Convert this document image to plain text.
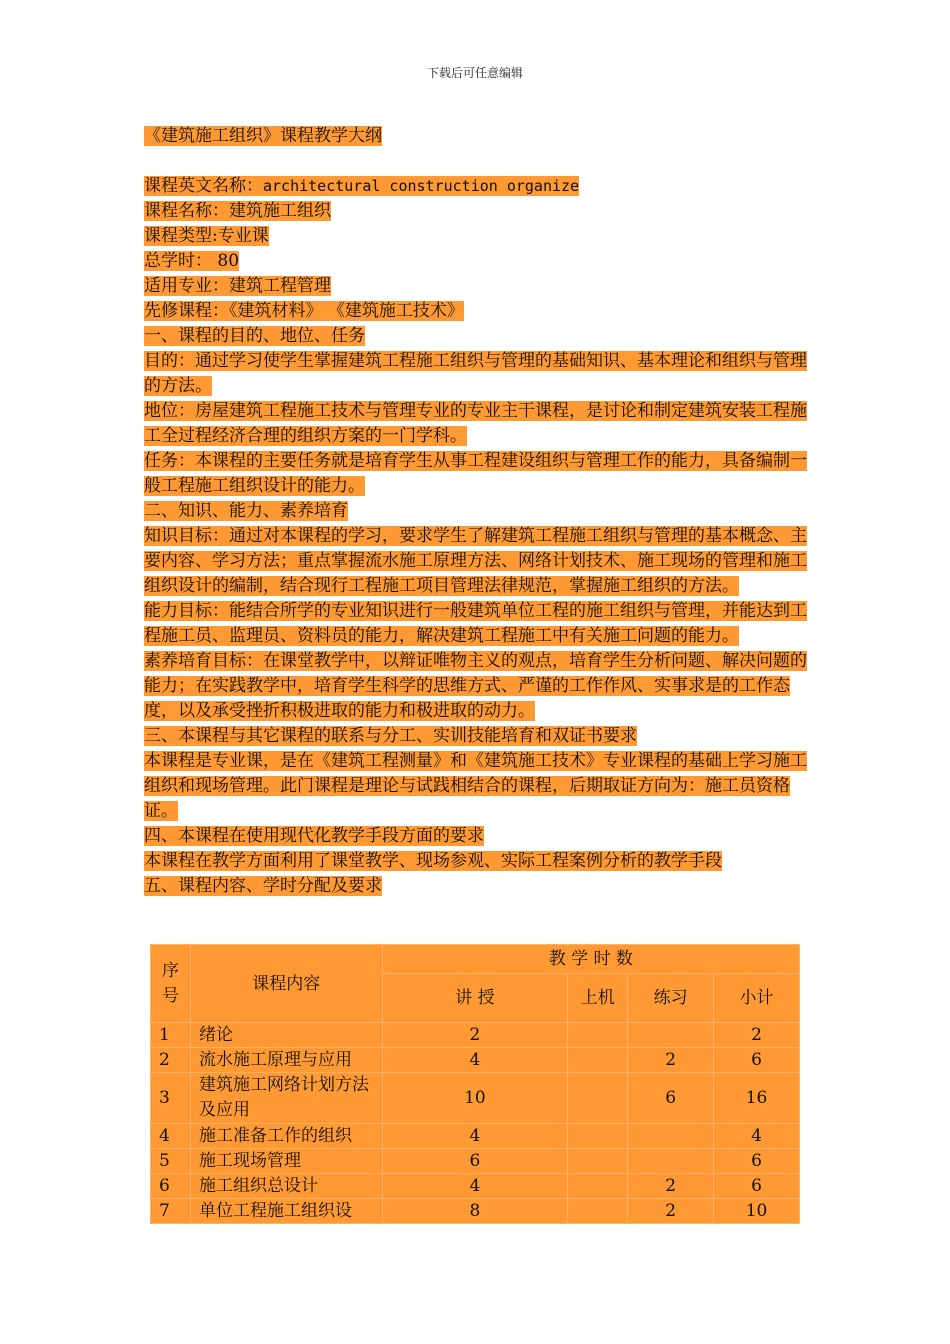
下载后可任意编辑
《建筑施工组织》课程教学大纲
课程英文名称：architectural construction organize
课程名称：建筑施工组织
课程类型:专业课
总学时： 80
适用专业：建筑工程管理
先修课程：《建筑材料》 《建筑施工技术》
一、课程的目的、地位、任务
目的：通过学习使学生掌握建筑工程施工组织与管理的基础知识、基本理论和组织与管理的方法。
地位：房屋建筑工程施工技术与管理专业的专业主干课程，是讨论和制定建筑安装工程施工全过程经济合理的组织方案的一门学科。
任务：本课程的主要任务就是培育学生从事工程建设组织与管理工作的能力，具备编制一般工程施工组织设计的能力。
二、知识、能力、素养培育
知识目标：通过对本课程的学习，要求学生了解建筑工程施工组织与管理的基本概念、主要内容、学习方法；重点掌握流水施工原理方法、网络计划技术、施工现场的管理和施工组织设计的编制，结合现行工程施工项目管理法律规范，掌握施工组织的方法。
能力目标：能结合所学的专业知识进行一般建筑单位工程的施工组织与管理，并能达到工程施工员、监理员、资料员的能力，解决建筑工程施工中有关施工问题的能力。
素养培育目标：在课堂教学中，以辩证唯物主义的观点，培育学生分析问题、解决问题的能力；在实践教学中，培育学生科学的思维方式、严谨的工作作风、实事求是的工作态度，以及承受挫折积极进取的能力和极进取的动力。
三、本课程与其它课程的联系与分工、实训技能培育和双证书要求
本课程是专业课，是在《建筑工程测量》和《建筑施工技术》专业课程的基础上学习施工组织和现场管理。此门课程是理论与试践相结合的课程，后期取证方向为：施工员资格证。
四、本课程在使用现代化教学手段方面的要求
本课程在教学方面利用了课堂教学、现场参观、实际工程案例分析的教学手段
五、课程内容、学时分配及要求
序号	课程内容	教 学 时 数			
		讲 授	上机	练习	小计
1	绪论	2			2
2	流水施工原理与应用	4		2	6
3	建筑施工网络计划方法及应用	10		6	16
4	施工准备工作的组织	4			4
5	施工现场管理	6			6
6	施工组织总设计	4		2	6
7	单位工程施工组织设	8		2	10
